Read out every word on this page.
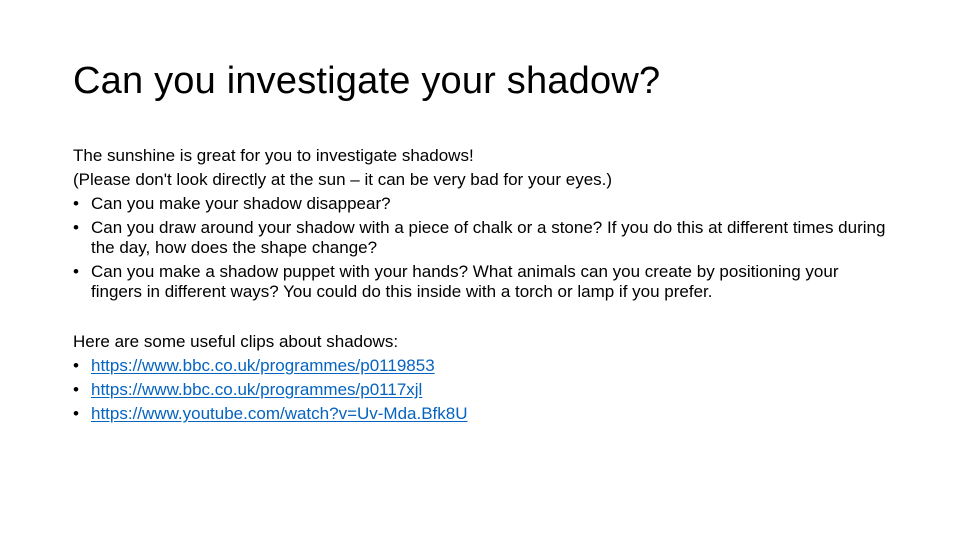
Can you investigate your shadow?
The sunshine is great for you to investigate shadows!
(Please don't look directly at the sun – it can be very bad for your eyes.)
• Can you make your shadow disappear?
• Can you draw around your shadow with a piece of chalk or a stone? If you do this at different times during the day, how does the shape change?
• Can you make a shadow puppet with your hands? What animals can you create by positioning your fingers in different ways? You could do this inside with a torch or lamp if you prefer.
Here are some useful clips about shadows:
• https://www.bbc.co.uk/programmes/p0119853
• https://www.bbc.co.uk/programmes/p0117xjl
• https://www.youtube.com/watch?v=Uv-Mda.Bfk8U
